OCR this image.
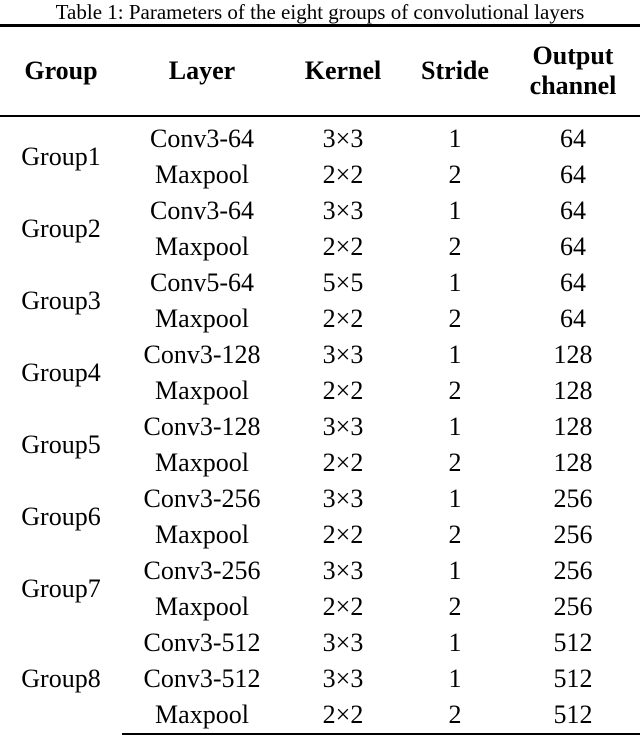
Table 1: Parameters of the eight groups of convolutional layers
Group	Layer	Kernel	Stride	Output
channel
Group1	Conv3-64	3×3	1	64
	Maxpool	2×2	2	64
Group2	Conv3-64	3×3	1	64
	Maxpool	2×2	2	64
Group3	Conv5-64	5×5	1	64
	Maxpool	2×2	2	64
Group4	Conv3-128	3×3	1	128
	Maxpool	2×2	2	128
Group5	Conv3-128	3×3	1	128
	Maxpool	2×2	2	128
Group6	Conv3-256	3×3	1	256
	Maxpool	2×2	2	256
Group7	Conv3-256	3×3	1	256
	Maxpool	2×2	2	256
Group8	Conv3-512	3×3	1	512
	Conv3-512	3×3	1	512
	Maxpool	2×2	2	512
